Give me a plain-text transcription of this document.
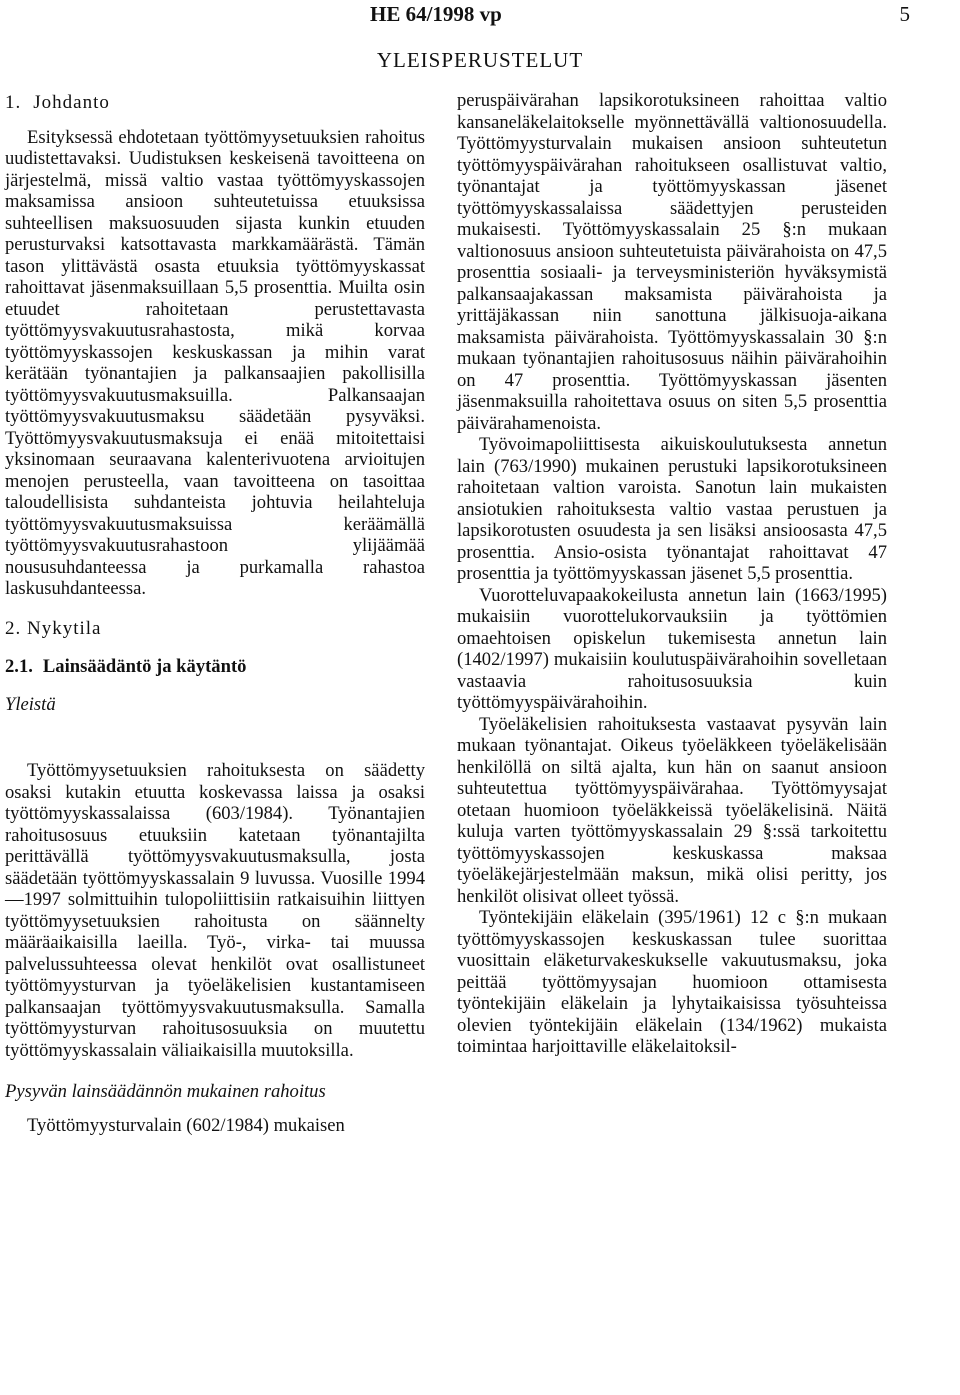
HE 64/1998 vp	5
YLEISPERUSTELUT

1. Johdanto

Esityksessä ehdotetaan työttömyysetuuksien rahoitus uudistettavaksi. Uudistuksen keskeisenä tavoitteena on järjestelmä, missä valtio vastaa työttömyyskassojen maksamissa ansioon suhteutetuissa etuuksissa suhteellisen maksuosuuden sijasta kunkin etuuden perusturvaksi katsottavasta markkamäärästä. Tämän tason ylittävästä osasta etuuksia työttömyyskassat rahoittavat jäsenmaksuillaan 5,5 prosenttia. Muilta osin etuudet rahoitetaan perustettavasta työttömyysvakuutusrahastosta, mikä korvaa työttömyyskassojen keskuskassan ja mihin varat kerätään työnantajien ja palkansaajien pakollisilla työttömyysvakuutusmaksuilla. Palkansaajan työttömyysvakuutusmaksu säädetään pysyväksi. Työttömyysvakuutusmaksuja ei enää mitoitettaisi yksinomaan seuraavana kalenterivuotena arvioitujen menojen perusteella, vaan tavoitteena on tasoittaa taloudellisista suhdanteista johtuvia heilahteluja työttömyysvakuutusmaksuissa keräämällä työttömyysvakuutusrahastoon ylijäämää noususuhdanteessa ja purkamalla rahastoa laskusuhdanteessa.

2. Nykytila

2.1. Lainsäädäntö ja käytäntö

Yleistä

Työttömyysetuuksien rahoituksesta on säädetty osaksi kutakin etuutta koskevassa laissa ja osaksi työttömyyskassalaissa (603/1984). Työnantajien rahoitusosuus etuuksiin katetaan työnantajilta perittävällä työttömyysvakuutusmaksulla, josta säädetään työttömyyskassalain 9 luvussa. Vuosille 1994—1997 solmittuihin tulopoliittisiin ratkaisuihin liittyen työttömyysetuuksien rahoitusta on säännelty määräaikaisilla laeilla. Työ-, virka- tai muussa palvelussuhteessa olevat henkilöt ovat osallistuneet työttömyysturvan ja työeläkelisien kustantamiseen palkansaajan työttömyysvakuutusmaksulla. Samalla työttömyysturvan rahoitusosuuksia on muutettu työttömyyskassalain väliaikaisilla muutoksilla.

Pysyvän lainsäädännön mukainen rahoitus

Työttömyysturvalain (602/1984) mukaisen

peruspäivärahan lapsikorotuksineen rahoittaa valtio kansaneläkelaitokselle myönnettävällä valtionosuudella. Työttömyysturvalain mukaisen ansioon suhteutetun työttömyyspäivärahan rahoitukseen osallistuvat valtio, työnantajat ja työttömyyskassan jäsenet työttömyyskassalaissa säädettyjen perusteiden mukaisesti. Työttömyyskassalain 25 §:n mukaan valtionosuus ansioon suhteutetuista päivärahoista on 47,5 prosenttia sosiaali- ja terveysministeriön hyväksymistä palkansaajakassan maksamista päivärahoista ja yrittäjäkassan niin sanottuna jälkisuoja-aikana maksamista päivärahoista. Työttömyyskassalain 30 §:n mukaan työnantajien rahoitusosuus näihin päivärahoihin on 47 prosenttia. Työttömyyskassan jäsenten jäsenmaksuilla rahoitettava osuus on siten 5,5 prosenttia päivärahamenoista.

Työvoimapoliittisesta aikuiskoulutuksesta annetun lain (763/1990) mukainen perustuki lapsikorotuksineen rahoitetaan valtion varoista. Sanotun lain mukaisten ansiotukien rahoituksesta valtio vastaa perustuen ja lapsikorotusten osuudesta ja sen lisäksi ansioosasta 47,5 prosenttia. Ansio-osista työnantajat rahoittavat 47 prosenttia ja työttömyyskassan jäsenet 5,5 prosenttia.

Vuorotteluvapaakokeilusta annetun lain (1663/1995) mukaisiin vuorottelukorvauksiin ja työttömien omaehtoisen opiskelun tukemisesta annetun lain (1402/1997) mukaisiin koulutuspäivärahoihin sovelletaan vastaavia rahoitusosuuksia kuin työttömyyspäivärahoihin.

Työeläkelisien rahoituksesta vastaavat pysyvän lain mukaan työnantajat. Oikeus työeläkkeen työeläkelisään henkilöllä on siltä ajalta, kun hän on saanut ansioon suhteutettua työttömyyspäivärahaa. Työttömyysajat otetaan huomioon työeläkkeissä työeläkelisinä. Näitä kuluja varten työttömyyskassalain 29 §:ssä tarkoitettu työttömyyskassojen keskuskassa maksaa työeläkejärjestelmään maksun, mikä olisi peritty, jos henkilöt olisivat olleet työssä.

Työntekijäin eläkelain (395/1961) 12 c §:n mukaan työttömyyskassojen keskuskassan tulee suorittaa vuosittain eläketurvakeskukselle vakuutusmaksu, joka peittää työttömyysajan huomioon ottamisesta työntekijäin eläkelain ja lyhytaikaisissa työsuhteissa olevien työntekijäin eläkelain (134/1962) mukaista toimintaa harjoittaville eläkelaitoksil-
